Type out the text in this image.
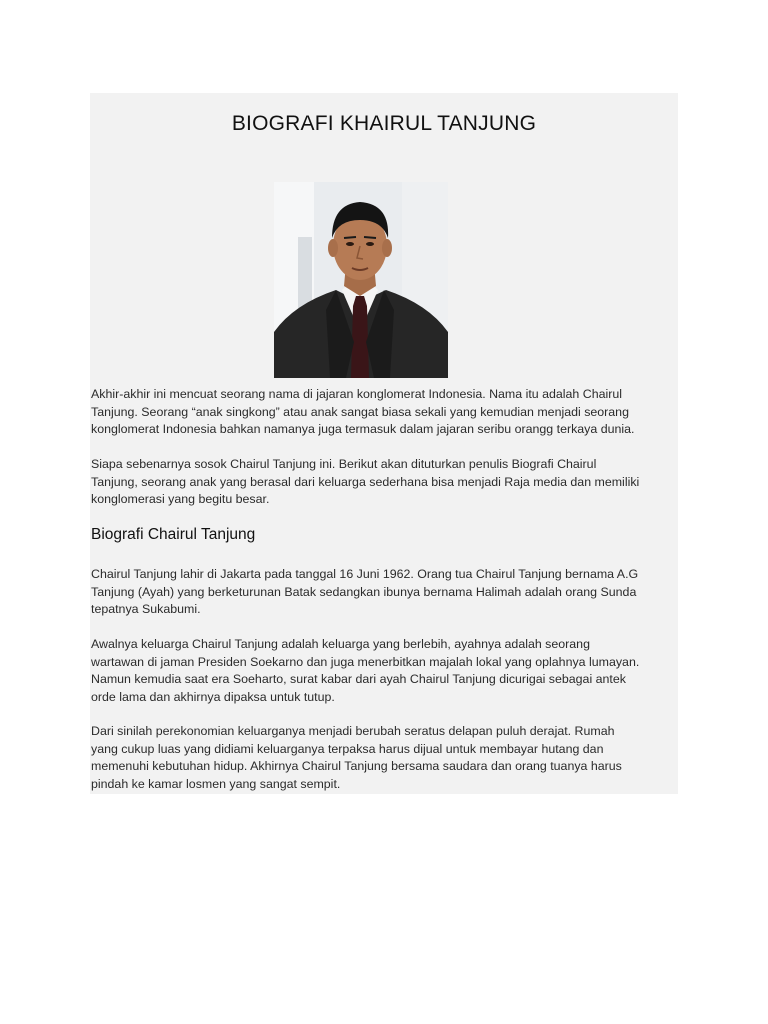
BIOGRAFI KHAIRUL TANJUNG

Akhir-akhir ini mencuat seorang nama di jajaran konglomerat Indonesia. Nama itu adalah Chairul
Tanjung. Seorang “anak singkong” atau anak sangat biasa sekali yang kemudian menjadi seorang
konglomerat Indonesia bahkan namanya juga termasuk dalam jajaran seribu orangg terkaya dunia.

Siapa sebenarnya sosok Chairul Tanjung ini. Berikut akan dituturkan penulis Biografi Chairul
Tanjung, seorang anak yang berasal dari keluarga sederhana bisa menjadi Raja media dan memiliki
konglomerasi yang begitu besar.

Biografi Chairul Tanjung

Chairul Tanjung lahir di Jakarta pada tanggal 16 Juni 1962. Orang tua Chairul Tanjung bernama A.G
Tanjung (Ayah) yang berketurunan Batak sedangkan ibunya bernama Halimah adalah orang Sunda
tepatnya Sukabumi.

Awalnya keluarga Chairul Tanjung adalah keluarga yang berlebih, ayahnya adalah seorang
wartawan di jaman Presiden Soekarno dan juga menerbitkan majalah lokal yang oplahnya lumayan.
Namun kemudia saat era Soeharto, surat kabar dari ayah Chairul Tanjung dicurigai sebagai antek
orde lama dan akhirnya dipaksa untuk tutup.

Dari sinilah perekonomian keluarganya menjadi berubah seratus delapan puluh derajat. Rumah
yang cukup luas yang didiami keluarganya terpaksa harus dijual untuk membayar hutang dan
memenuhi kebutuhan hidup. Akhirnya Chairul Tanjung bersama saudara dan orang tuanya harus
pindah ke kamar losmen yang sangat sempit.
